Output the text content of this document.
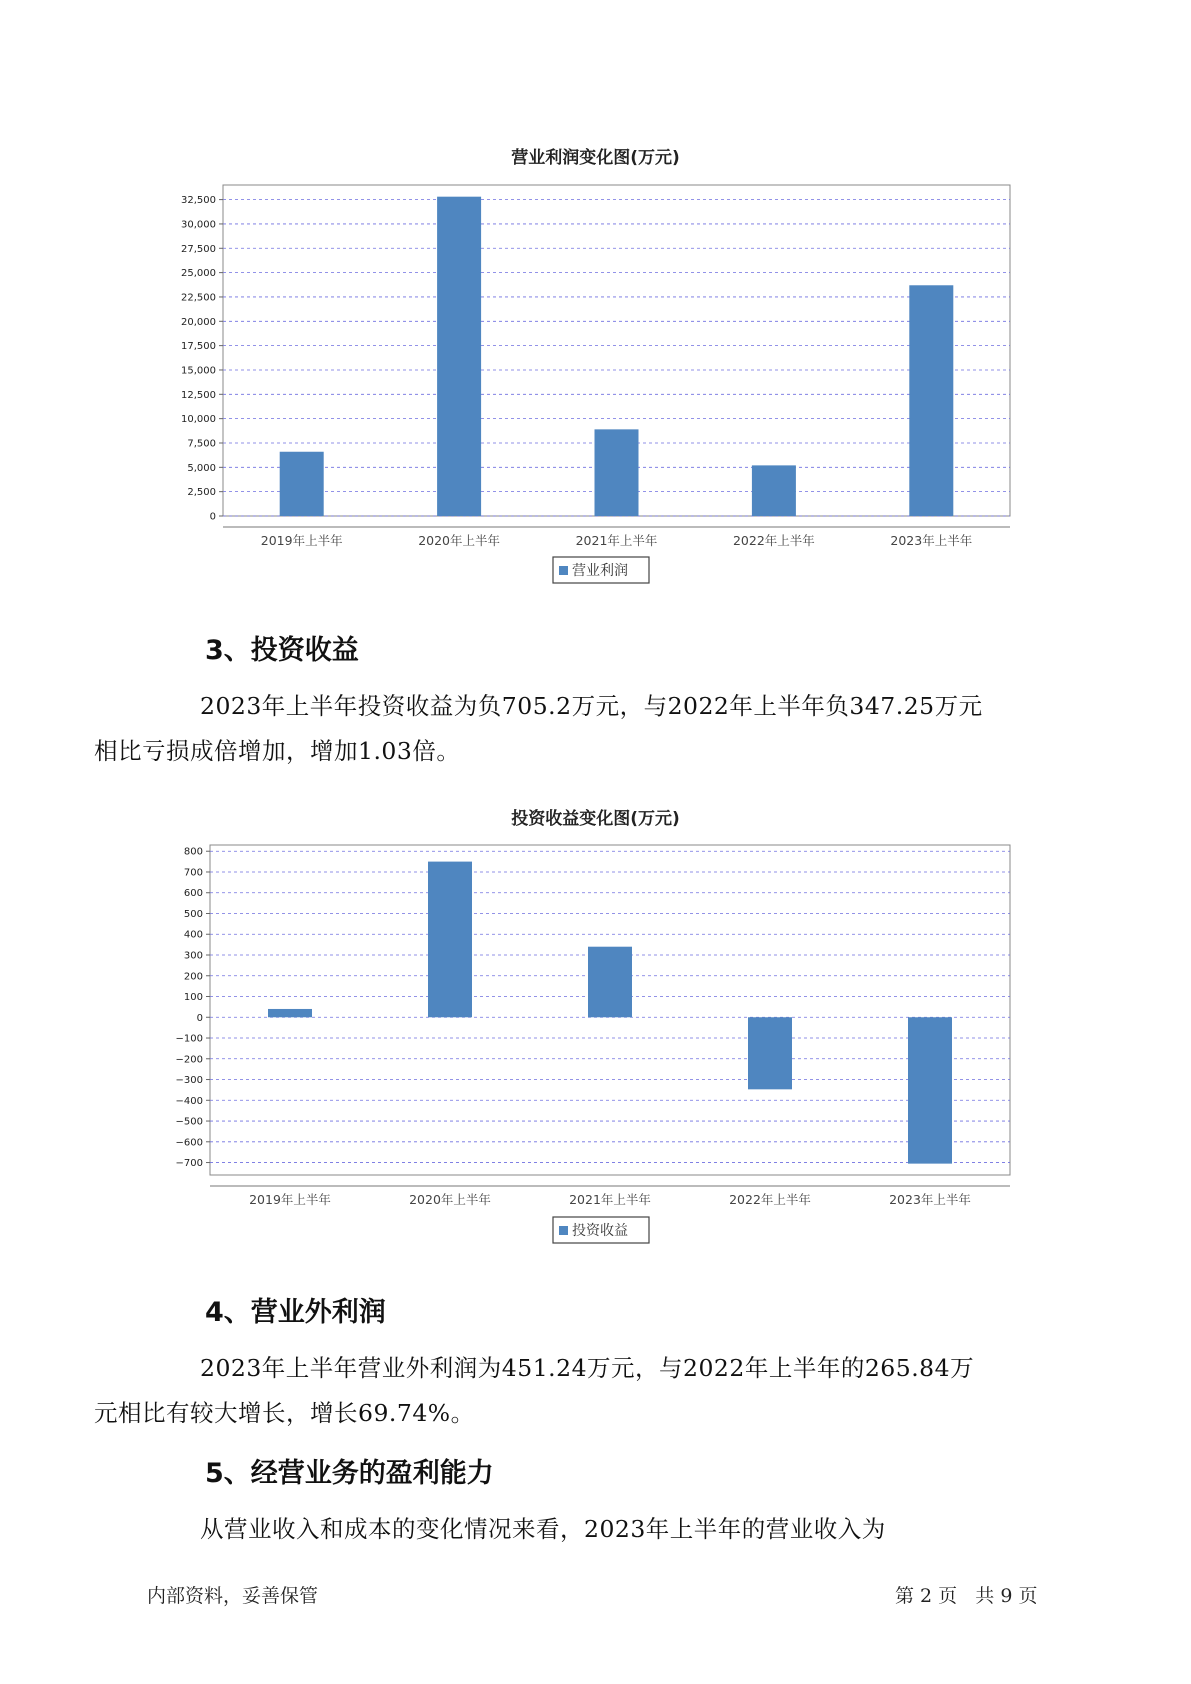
营业利润变化图(万元)
0
2,500
5,000
7,500
10,000
12,500
15,000
17,500
20,000
22,500
25,000
27,500
30,000
32,500
2019年上半年	2020年上半年	2021年上半年	2022年上半年	2023年上半年
营业利润
3、投资收益

2023年上半年投资收益为负705.2万元，与2022年上半年负347.25万元
相比亏损成倍增加，增加1.03倍。

投资收益变化图(万元)
800
700
600
500
400
300
200
100
0
−100
−200
−300
−400
−500
−600
−700
2019年上半年	2020年上半年	2021年上半年	2022年上半年	2023年上半年
投资收益
4、营业外利润

2023年上半年营业外利润为451.24万元，与2022年上半年的265.84万
元相比有较大增长，增长69.74%。

5、经营业务的盈利能力

从营业收入和成本的变化情况来看，2023年上半年的营业收入为

内部资料，妥善保管	第 2 页   共 9 页
